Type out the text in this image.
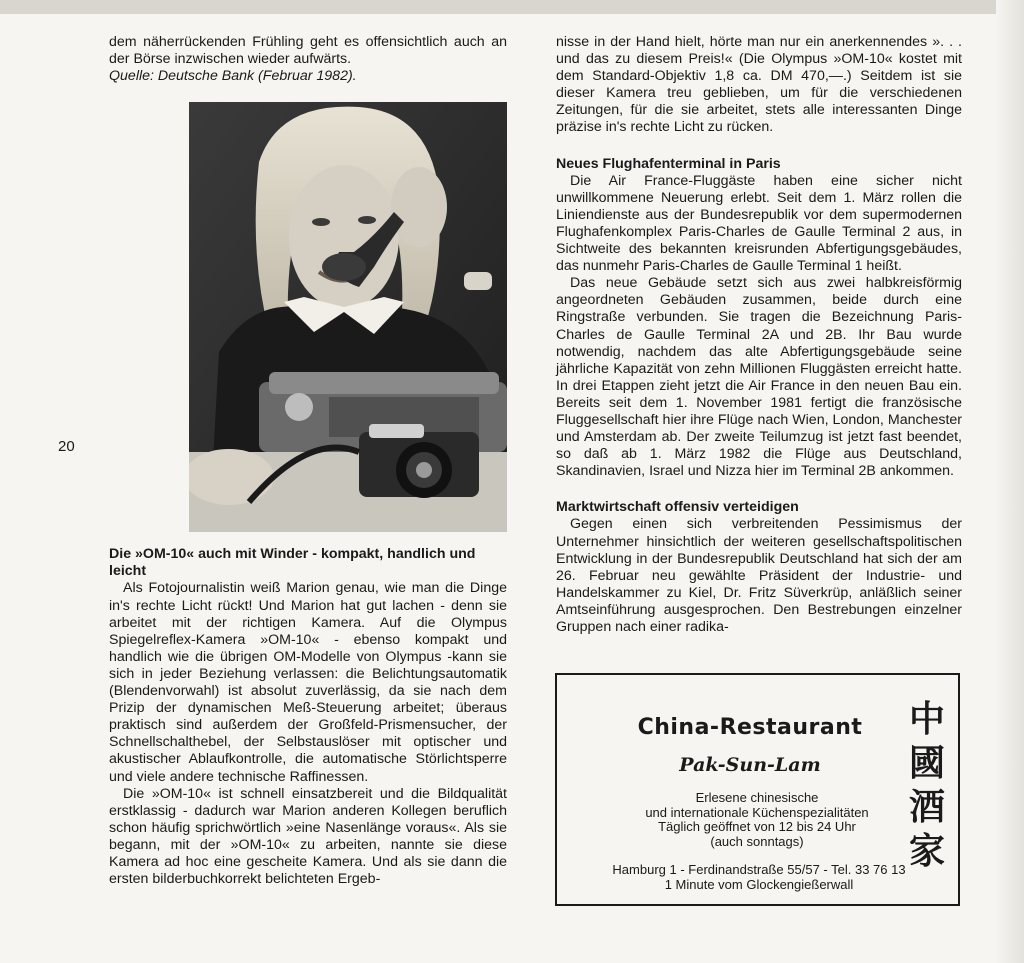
20

dem näherrückenden Frühling geht es offensichtlich auch an der Börse inzwischen wieder aufwärts.

Quelle: Deutsche Bank (Februar 1982).

Die »OM-10« auch mit Winder - kompakt, handlich und leicht

Als Fotojournalistin weiß Marion genau, wie man die Dinge in's rechte Licht rückt! Und Marion hat gut lachen - denn sie arbeitet mit der richtigen Kamera. Auf die Olympus Spiegelreflex-Kamera »OM-10« - ebenso kompakt und handlich wie die übrigen OM-Modelle von Olympus -kann sie sich in jeder Beziehung verlassen: die Belichtungsautomatik (Blendenvorwahl) ist absolut zuverlässig, da sie nach dem Prizip der dynamischen Meß-Steuerung arbeitet; überaus praktisch sind außerdem der Großfeld-Prismensucher, der Schnellschalthebel, der Selbstauslöser mit optischer und akustischer Ablaufkontrolle, die automatische Störlichtsperre und viele andere technische Raffinessen.

Die »OM-10« ist schnell einsatzbereit und die Bildqualität erstklassig - dadurch war Marion anderen Kollegen beruflich schon häufig sprichwörtlich »eine Nasenlänge voraus«. Als sie begann, mit der »OM-10« zu arbeiten, nannte sie diese Kamera ad hoc eine gescheite Kamera. Und als sie dann die ersten bilderbuchkorrekt belichteten Ergeb-

nisse in der Hand hielt, hörte man nur ein anerkennendes ». . . und das zu diesem Preis!« (Die Olympus »OM-10« kostet mit dem Standard-Objektiv 1,8 ca. DM 470,—.) Seitdem ist sie dieser Kamera treu geblieben, um für die verschiedenen Zeitungen, für die sie arbeitet, stets alle interessanten Dinge präzise in's rechte Licht zu rücken.

Neues Flughafenterminal in Paris

Die Air France-Fluggäste haben eine sicher nicht unwillkommene Neuerung erlebt. Seit dem 1. März rollen die Liniendienste aus der Bundesrepublik vor dem supermodernen Flughafenkomplex Paris-Charles de Gaulle Terminal 2 aus, in Sichtweite des bekannten kreisrunden Abfertigungsgebäudes, das nunmehr Paris-Charles de Gaulle Terminal 1 heißt.

Das neue Gebäude setzt sich aus zwei halbkreisförmig angeordneten Gebäuden zusammen, beide durch eine Ringstraße verbunden. Sie tragen die Bezeichnung Paris-Charles de Gaulle Terminal 2A und 2B. Ihr Bau wurde notwendig, nachdem das alte Abfertigungsgebäude seine jährliche Kapazität von zehn Millionen Fluggästen erreicht hatte. In drei Etappen zieht jetzt die Air France in den neuen Bau ein. Bereits seit dem 1. November 1981 fertigt die französische Fluggesellschaft hier ihre Flüge nach Wien, London, Manchester und Amsterdam ab. Der zweite Teilumzug ist jetzt fast beendet, so daß ab 1. März 1982 die Flüge aus Deutschland, Skandinavien, Israel und Nizza hier im Terminal 2B ankommen.

Marktwirtschaft offensiv verteidigen

Gegen einen sich verbreitenden Pessimismus der Unternehmer hinsichtlich der weiteren gesellschaftspolitischen Entwicklung in der Bundesrepublik Deutschland hat sich der am 26. Februar neu gewählte Präsident der Industrie- und Handelskammer zu Kiel, Dr. Fritz Süverkrüp, anläßlich seiner Amtseinführung ausgesprochen. Den Bestrebungen einzelner Gruppen nach einer radika-

China-Restaurant
Pak-Sun-Lam
Erlesene chinesische
und internationale Küchenspezialitäten
Täglich geöffnet von 12 bis 24 Uhr
(auch sonntags)
Hamburg 1 - Ferdinandstraße 55/57 - Tel. 33 76 13
1 Minute vom Glockengießerwall
中
國
酒
家
